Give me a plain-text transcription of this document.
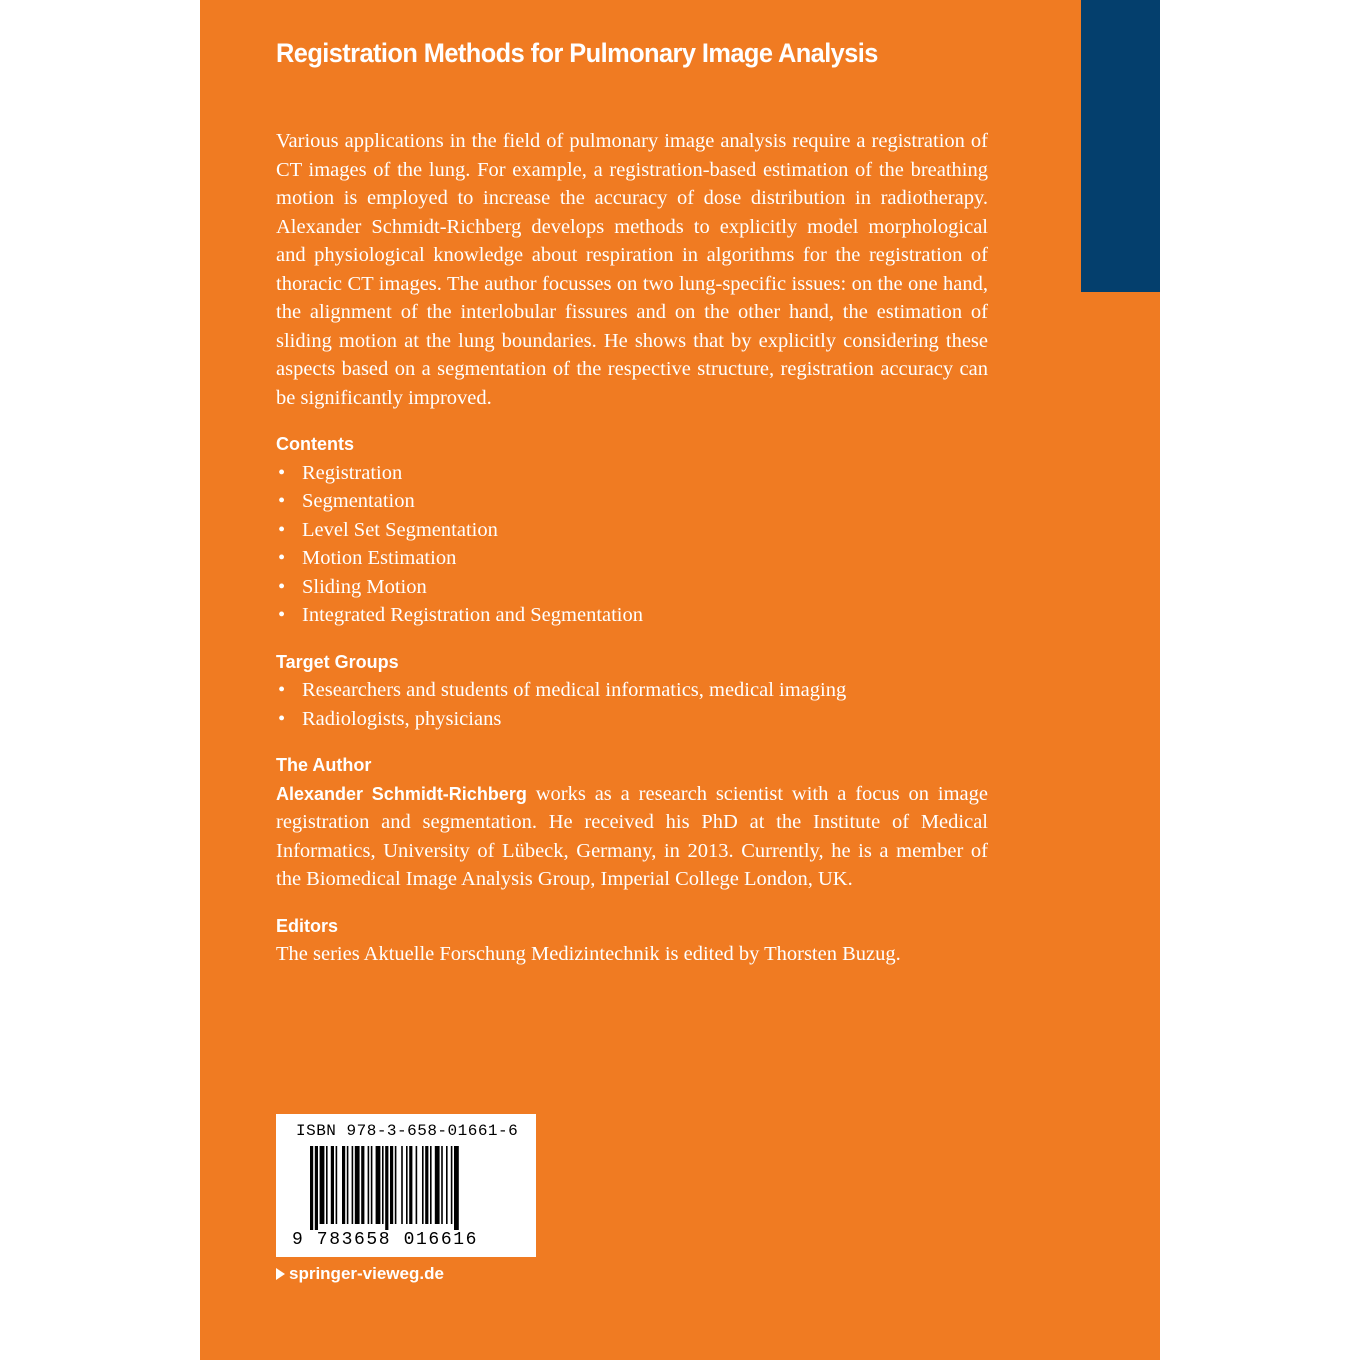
Registration Methods for Pulmonary Image Analysis

Various applications in the field of pulmonary image analysis require a registration of CT images of the lung. For example, a registration-based estimation of the breathing motion is employed to increase the accuracy of dose distribution in radiotherapy. Alexander Schmidt-Richberg develops methods to explicitly model morphological and physiological knowledge about respiration in algorithms for the registration of thoracic CT images. The author focusses on two lung-specific issues: on the one hand, the alignment of the interlobular fissures and on the other hand, the estimation of sliding motion at the lung boundaries. He shows that by explicitly considering these aspects based on a segmentation of the respective structure, registration accuracy can be significantly improved.

Contents
• Registration
• Segmentation
• Level Set Segmentation
• Motion Estimation
• Sliding Motion
• Integrated Registration and Segmentation
Target Groups
• Researchers and students of medical informatics, medical imaging
• Radiologists, physicians
The Author

Alexander Schmidt-Richberg works as a research scientist with a focus on image registration and segmentation. He received his PhD at the Institute of Medical Informatics, University of Lübeck, Germany, in 2013. Currently, he is a member of the Biomedical Image Analysis Group, Imperial College London, UK.

Editors

The series Aktuelle Forschung Medizintechnik is edited by Thorsten Buzug.

ISBN 978-3-658-01661-6
9 783658 016616
springer-vieweg.de
